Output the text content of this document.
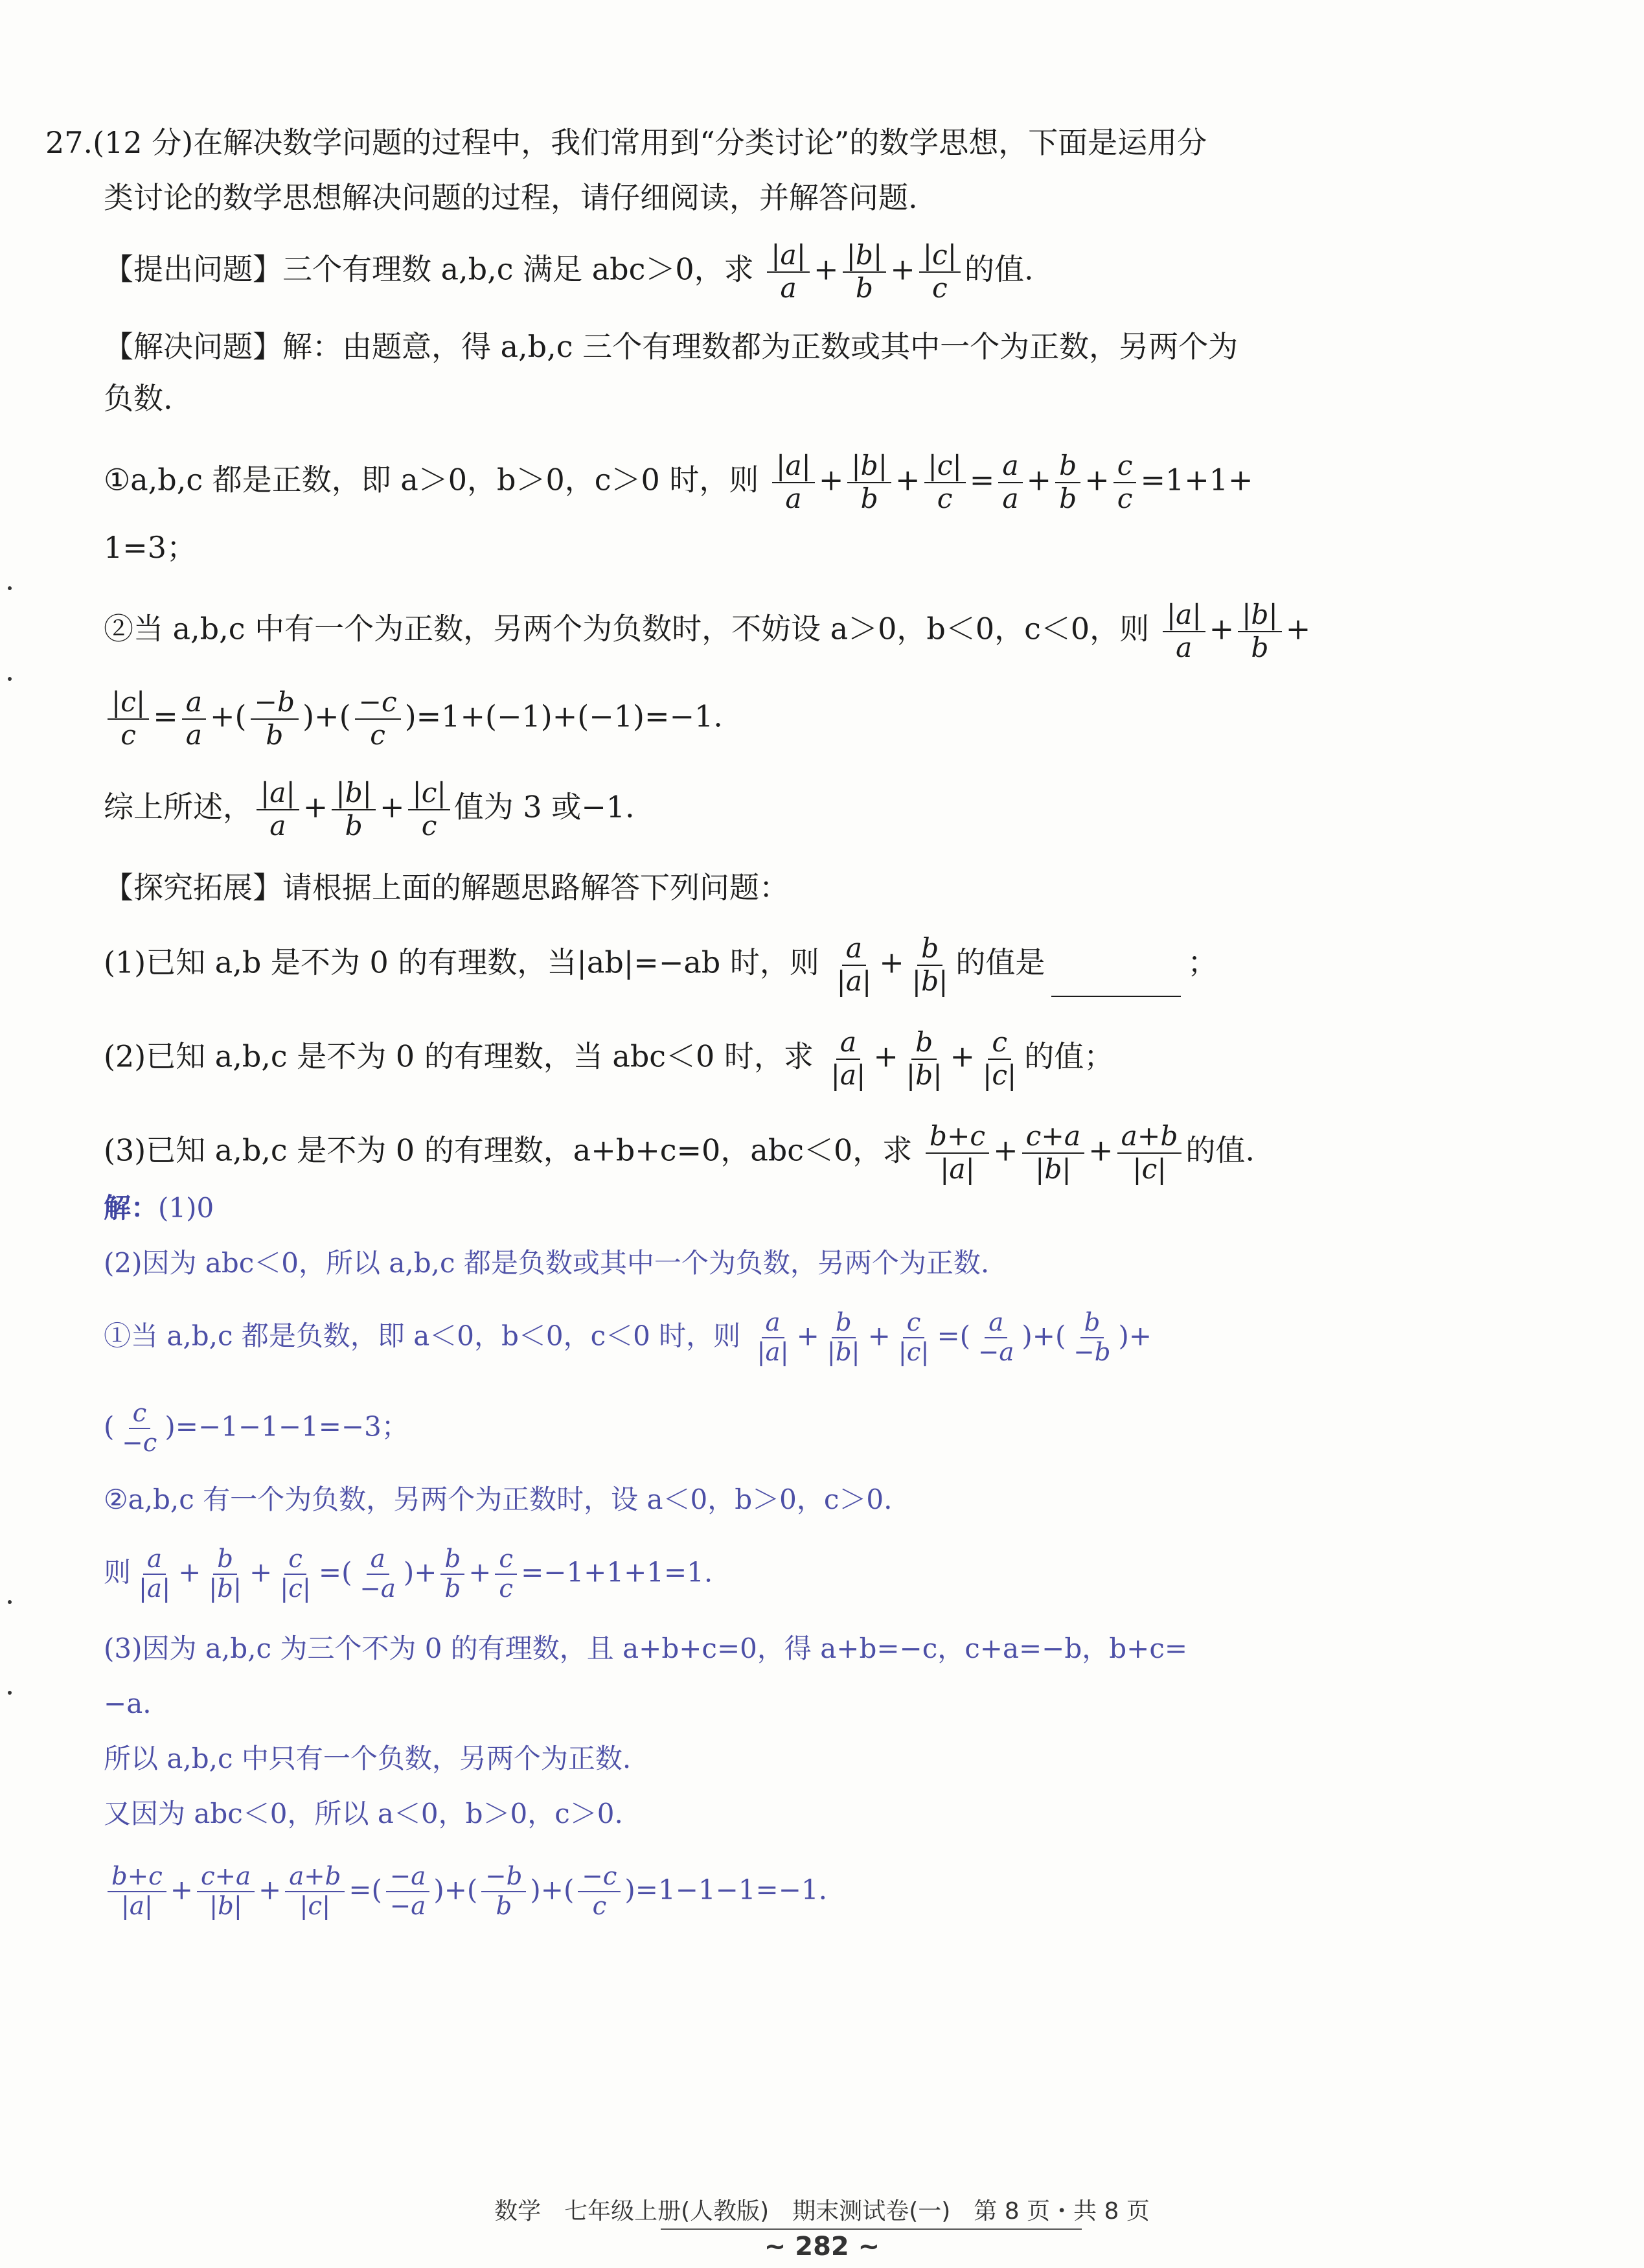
27.(12 分)在解决数学问题的过程中，我们常用到“分类讨论”的数学思想，下面是运用分
类讨论的数学思想解决问题的过程，请仔细阅读，并解答问题.
【提出问题】三个有理数 a,b,c 满足 abc＞0，求 $\frac{|a|}{a} + \frac{|b|}{b} + \frac{|c|}{c}$ 的值.
【解决问题】解：由题意，得 a,b,c 三个有理数都为正数或其中一个为正数，另两个为
负数.
①a,b,c 都是正数，即 a＞0，b＞0，c＞0 时，则 $\frac{|a|}{a} + \frac{|b|}{b} + \frac{|c|}{c} = \frac{a}{a} + \frac{b}{b} + \frac{c}{c} =1+1+$
1=3；
②当 a,b,c 中有一个为正数，另两个为负数时，不妨设 a＞0，b＜0，c＜0，则 $\frac{|a|}{a} + \frac{|b|}{b}$ +
$\frac{|c|}{c} = \frac{a}{a}$ +( $\frac{-b}{b}$ )+( $\frac{-c}{c} )=1+(-1)+(-1)=-1$.
综上所述， $\frac{|a|}{a} + \frac{|b|}{b} + \frac{|c|}{c}$ 值为 3 或−1.
【探究拓展】请根据上面的解题思路解答下列问题：
(1)已知 a,b 是不为 0 的有理数，当|ab|=−ab 时，则 $\frac{a}{|a|} + \frac{b}{|b|}$ 的值是	；
(2)已知 a,b,c 是不为 0 的有理数，当 abc＜0 时，求 $\frac{a}{|a|} + \frac{b}{|b|} + \frac{c}{|c|}$ 的值；
(3)已知 a,b,c 是不为 0 的有理数，a+b+c=0，abc＜0，求 $\frac{b+c}{|a|} + \frac{c+a}{|b|} + \frac{a+b}{|c|}$ 的值.
解：(1)0
(2)因为 abc＜0，所以 a,b,c 都是负数或其中一个为负数，另两个为正数.
①当 a,b,c 都是负数，即 a＜0，b＜0，c＜0 时，则 $\frac{a}{|a|} + \frac{b}{|b|} + \frac{c}{|c|}$ =( $\frac{a}{-a}$ )+( $\frac{b}{-b}$ )+
( $\frac{c}{-c} )=-1-1-1=-3$；
②a,b,c 有一个为负数，另两个为正数时，设 a＜0，b＞0，c＞0.
则 $\frac{a}{|a|} + \frac{b}{|b|} + \frac{c}{|c|}$ =( $\frac{a}{-a}$ )+ $\frac{b}{b} + \frac{c}{c} =-1+1+1=1$.
(3)因为 a,b,c 为三个不为 0 的有理数，且 a+b+c=0，得 a+b=−c，c+a=−b，b+c=
−a.
所以 a,b,c 中只有一个负数，另两个为正数.
又因为 abc＜0，所以 a＜0，b＞0，c＞0.
$\frac{b+c}{|a|} + \frac{c+a}{|b|} + \frac{a+b}{|c|}$ =( $\frac{-a}{-a}$ )+( $\frac{-b}{b}$ )+( $\frac{-c}{c} )=1-1-1=-1$.
数学　七年级上册(人教版)　期末测试卷(一)　第 8 页・共 8 页
~ 282 ~
